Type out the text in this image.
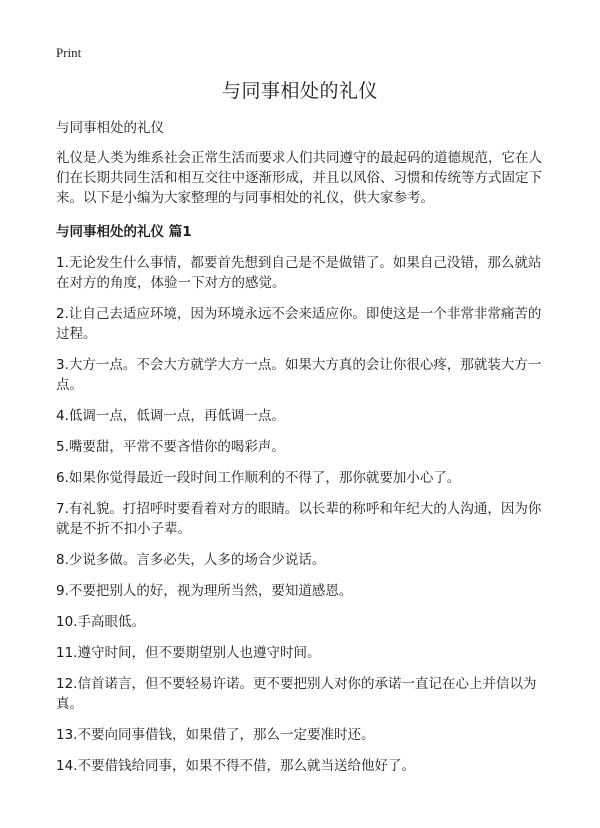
Print
与同事相处的礼仪

与同事相处的礼仪

礼仪是人类为维系社会正常生活而要求人们共同遵守的最起码的道德规范，它在人们在长期共同生活和相互交往中逐渐形成，并且以风俗、习惯和传统等方式固定下来。以下是小编为大家整理的与同事相处的礼仪，供大家参考。

与同事相处的礼仪 篇1

1.无论发生什么事情，都要首先想到自己是不是做错了。如果自己没错，那么就站在对方的角度，体验一下对方的感觉。

2.让自己去适应环境，因为环境永远不会来适应你。即使这是一个非常非常痛苦的过程。

3.大方一点。不会大方就学大方一点。如果大方真的会让你很心疼，那就装大方一点。

4.低调一点，低调一点，再低调一点。

5.嘴要甜，平常不要吝惜你的喝彩声。

6.如果你觉得最近一段时间工作顺利的不得了，那你就要加小心了。

7.有礼貌。打招呼时要看着对方的眼睛。以长辈的称呼和年纪大的人沟通，因为你就是不折不扣小子辈。

8.少说多做。言多必失，人多的场合少说话。

9.不要把别人的好，视为理所当然，要知道感恩。

10.手高眼低。

11.遵守时间，但不要期望别人也遵守时间。

12.信首诺言，但不要轻易许诺。更不要把别人对你的承诺一直记在心上并信以为真。

13.不要向同事借钱，如果借了，那么一定要准时还。

14.不要借钱给同事，如果不得不借，那么就当送给他好了。
